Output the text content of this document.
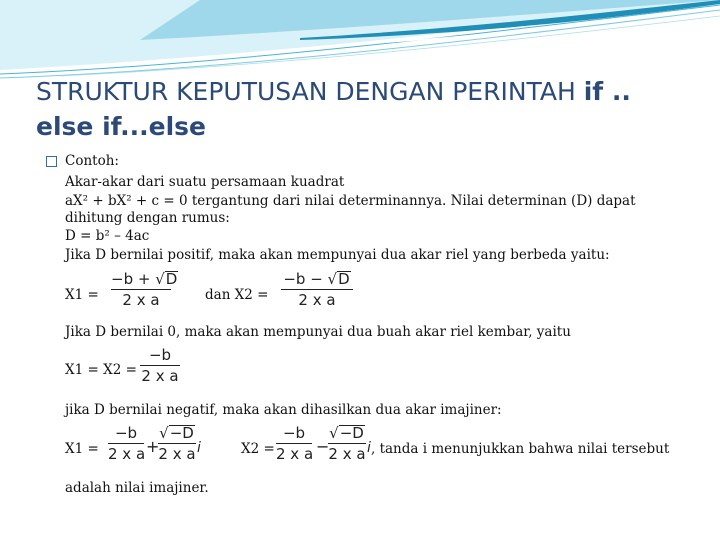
STRUKTUR KEPUTUSAN DENGAN PERINTAH if .. else if...else
Contoh:
Akar-akar dari suatu persamaan kuadrat
aX² + bX² + c = 0 tergantung dari nilai determinannya. Nilai determinan (D) dapat
dihitung dengan rumus:
D = b² – 4ac
Jika D bernilai positif, maka akan mempunyai dua akar riel yang berbeda yaitu:
X1 =
−b + √D
2 x a	dan X2 =
−b − √D
2 x a
Jika D bernilai 0, maka akan mempunyai dua buah akar riel kembar, yaitu
X1 = X2 =
−b
2 x a
jika D bernilai negatif, maka akan dihasilkan dua akar imajiner:
X1 =
−b
2 x a +
√−D
2 x a i	X2 =
−b
2 x a −
√−D
2 x a i , tanda i menunjukkan bahwa nilai tersebut
adalah nilai imajiner.
